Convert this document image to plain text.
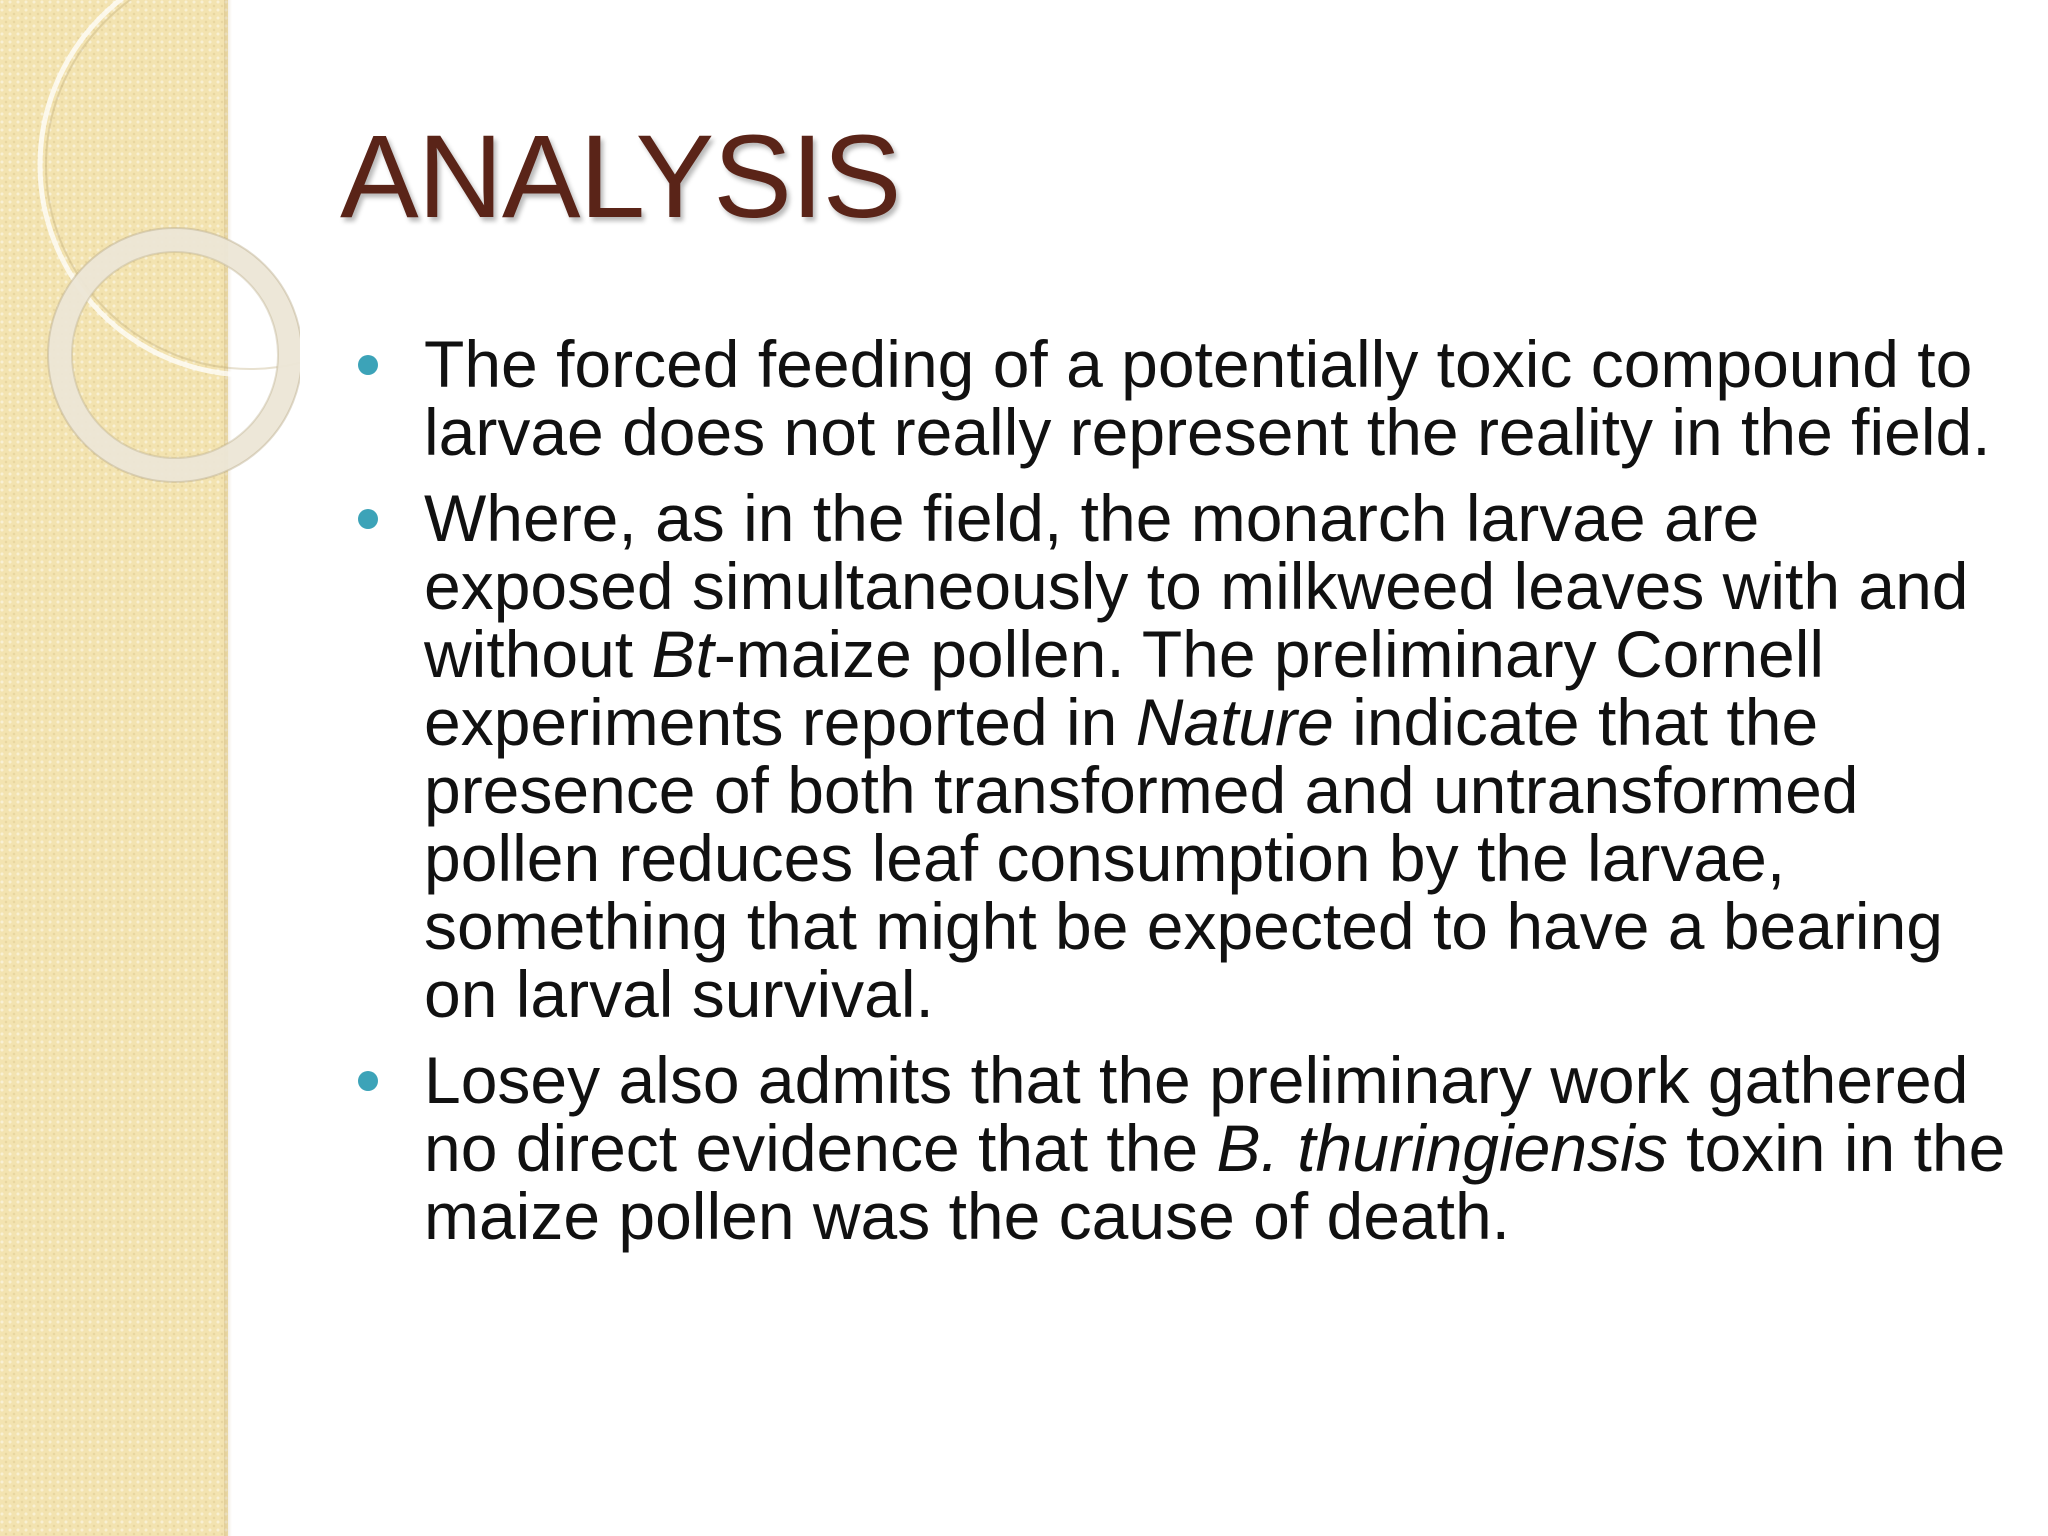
ANALYSIS
The forced feeding of a potentially toxic compound to larvae does not really represent the reality in the field.
Where, as in the field, the monarch larvae are exposed simultaneously to milkweed leaves with and without Bt-maize pollen. The preliminary Cornell experiments reported in Nature indicate that the presence of both transformed and untransformed pollen reduces leaf consumption by the larvae, something that might be expected to have a bearing on larval survival.
Losey also admits that the preliminary work gathered no direct evidence that the B. thuringiensis toxin in the maize pollen was the cause of death.
